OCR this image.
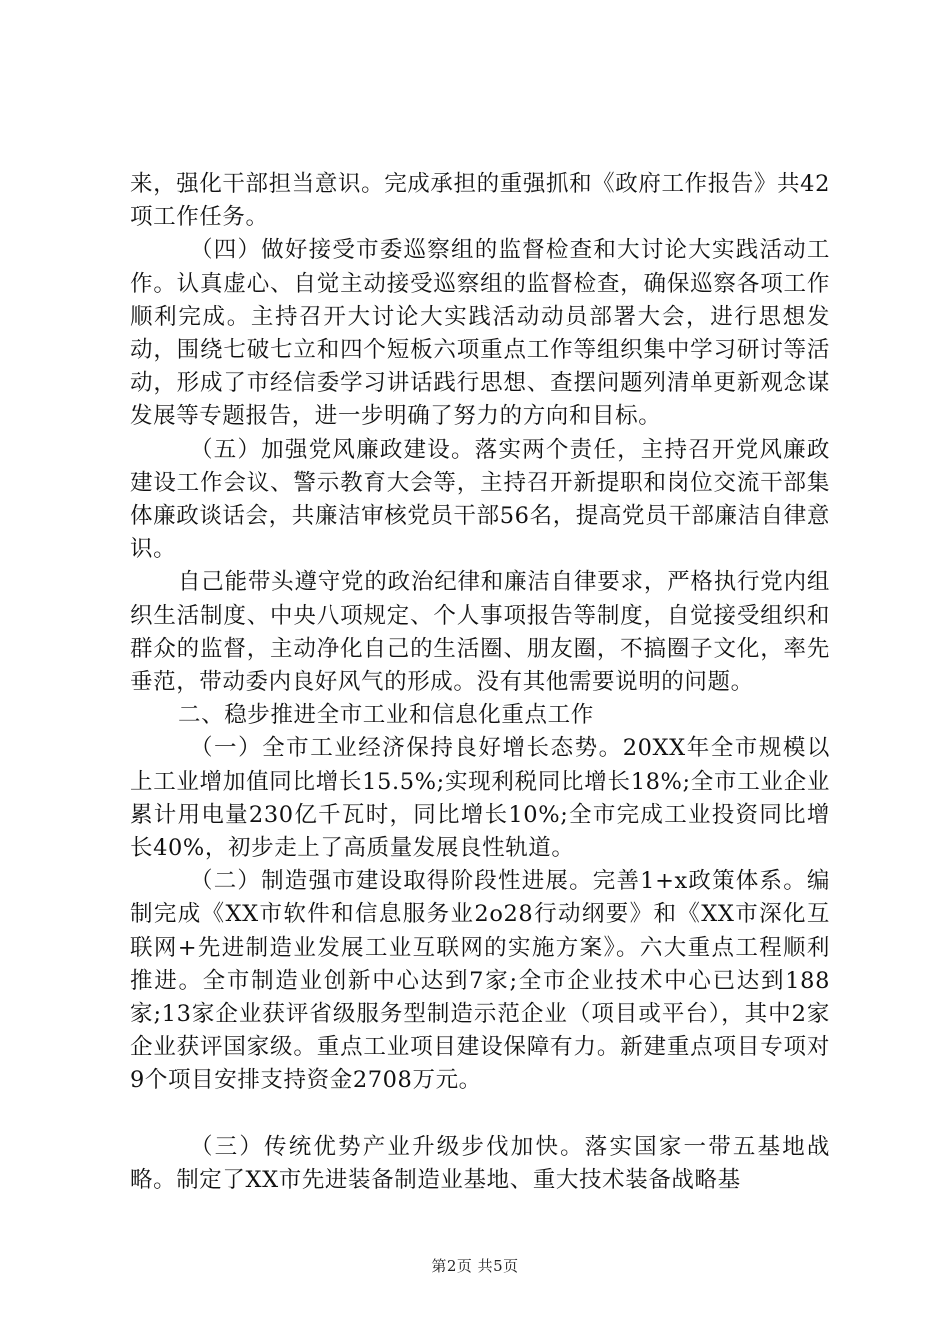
来，强化干部担当意识。完成承担的重强抓和《政府工作报告》共42项工作任务。

（四）做好接受市委巡察组的监督检查和大讨论大实践活动工作。认真虚心、自觉主动接受巡察组的监督检查，确保巡察各项工作顺利完成。主持召开大讨论大实践活动动员部署大会，进行思想发动，围绕七破七立和四个短板六项重点工作等组织集中学习研讨等活动，形成了市经信委学习讲话践行思想、查摆问题列清单更新观念谋发展等专题报告，进一步明确了努力的方向和目标。

（五）加强党风廉政建设。落实两个责任，主持召开党风廉政建设工作会议、警示教育大会等，主持召开新提职和岗位交流干部集体廉政谈话会，共廉洁审核党员干部56名，提高党员干部廉洁自律意识。

自己能带头遵守党的政治纪律和廉洁自律要求，严格执行党内组织生活制度、中央八项规定、个人事项报告等制度，自觉接受组织和群众的监督，主动净化自己的生活圈、朋友圈，不搞圈子文化，率先垂范，带动委内良好风气的形成。没有其他需要说明的问题。

二、稳步推进全市工业和信息化重点工作

（一）全市工业经济保持良好增长态势。20XX年全市规模以上工业增加值同比增长15.5%;实现利税同比增长18%;全市工业企业累计用电量230亿千瓦时，同比增长10%;全市完成工业投资同比增长40%，初步走上了高质量发展良性轨道。

（二）制造强市建设取得阶段性进展。完善1+x政策体系。编制完成《XX市软件和信息服务业2o28行动纲要》和《XX市深化互联网+先进制造业发展工业互联网的实施方案》。六大重点工程顺利推进。全市制造业创新中心达到7家;全市企业技术中心已达到188家;13家企业获评省级服务型制造示范企业（项目或平台），其中2家企业获评国家级。重点工业项目建设保障有力。新建重点项目专项对9个项目安排支持资金2708万元。

（三）传统优势产业升级步伐加快。落实国家一带五基地战略。制定了XX市先进装备制造业基地、重大技术装备战略基

第2页 共5页
